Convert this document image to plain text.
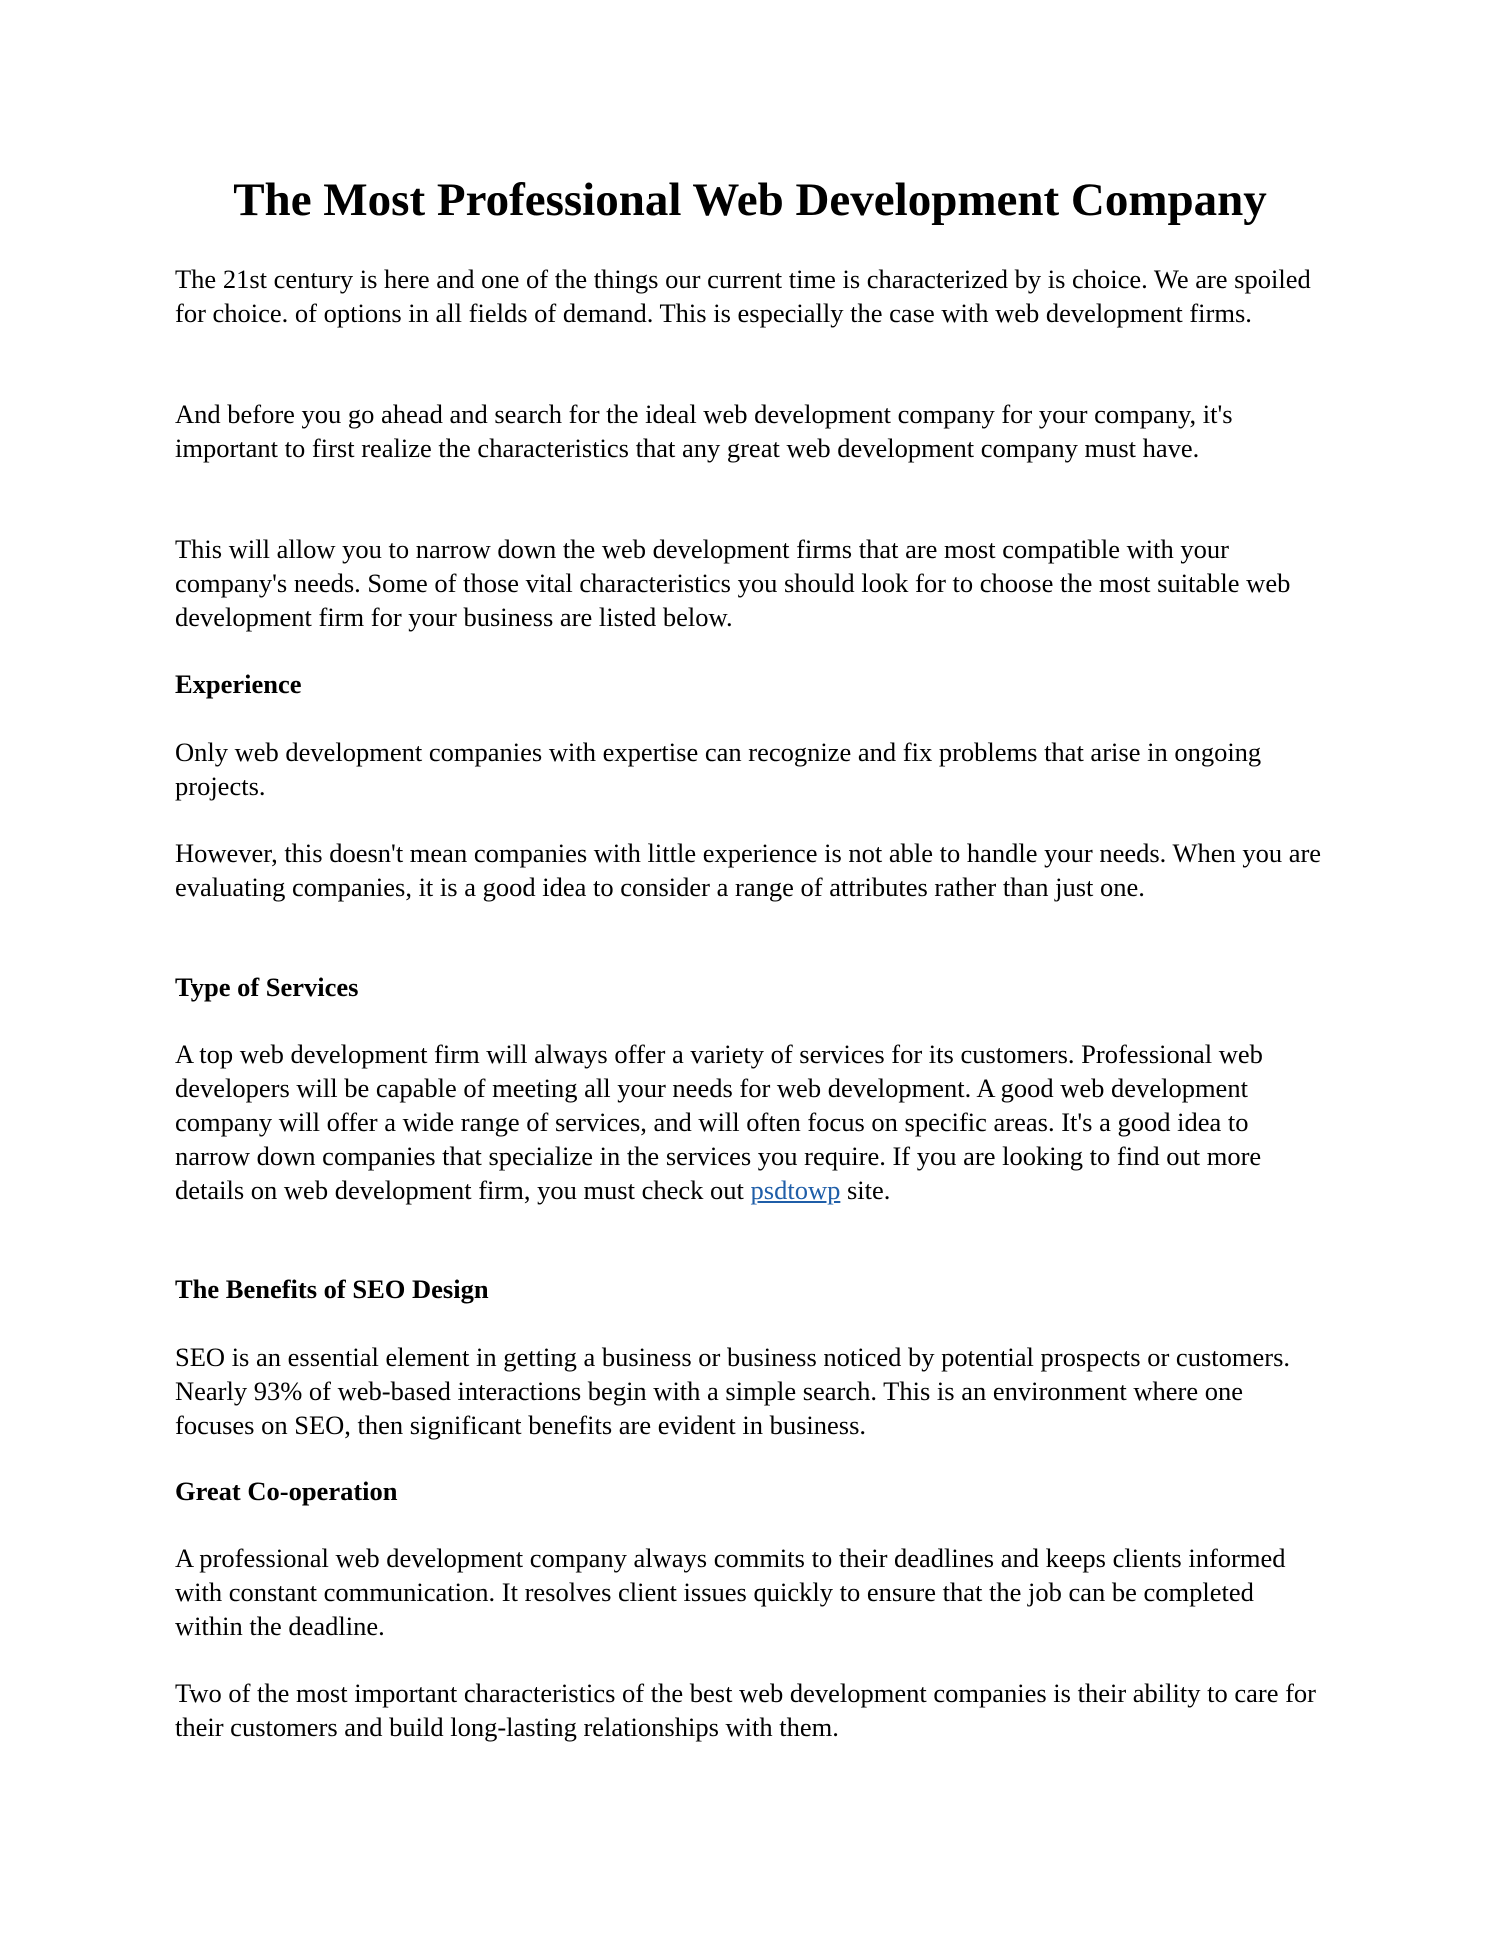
The Most Professional Web Development Company

The 21st century is here and one of the things our current time is characterized by is choice. We are spoiled for choice. of options in all fields of demand. This is especially the case with web development firms.

And before you go ahead and search for the ideal web development company for your company, it's important to first realize the characteristics that any great web development company must have.

This will allow you to narrow down the web development firms that are most compatible with your company's needs. Some of those vital characteristics you should look for to choose the most suitable web development firm for your business are listed below.

Experience

Only web development companies with expertise can recognize and fix problems that arise in ongoing projects.

However, this doesn't mean companies with little experience is not able to handle your needs. When you are evaluating companies, it is a good idea to consider a range of attributes rather than just one.

Type of Services

A top web development firm will always offer a variety of services for its customers. Professional web developers will be capable of meeting all your needs for web development. A good web development company will offer a wide range of services, and will often focus on specific areas. It's a good idea to narrow down companies that specialize in the services you require. If you are looking to find out more details on web development firm, you must check out psdtowp site.

The Benefits of SEO Design

SEO is an essential element in getting a business or business noticed by potential prospects or customers. Nearly 93% of web-based interactions begin with a simple search. This is an environment where one focuses on SEO, then significant benefits are evident in business.

Great Co-operation

A professional web development company always commits to their deadlines and keeps clients informed with constant communication. It resolves client issues quickly to ensure that the job can be completed within the deadline.

Two of the most important characteristics of the best web development companies is their ability to care for their customers and build long-lasting relationships with them.
